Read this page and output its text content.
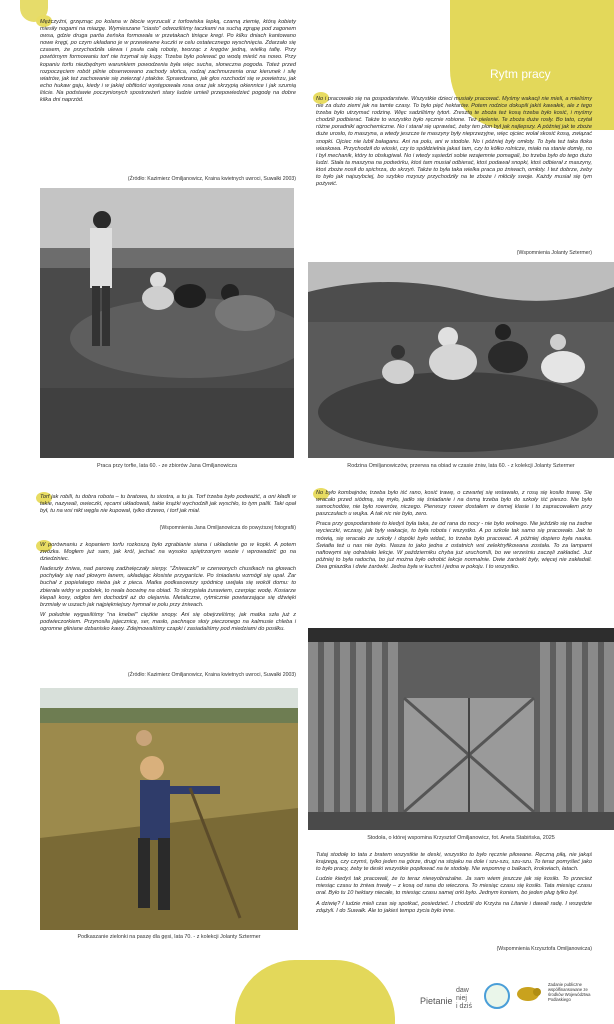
Rytm pracy
Mężczyźni, grzęznąc po kolana w błocie wyrzucali z torfowiska lepką, czarną ziemię, którą kobiety miesiły nogami na miazgę. Wymieszane "ciasto" odwoziliśmy taczkami na suchą zgrąpę pod zagonem owsa, gdzie druga partia żeńska formowała w przetakach tiniące kregi. Po kilku dniach kantowano nowe kręgi, po czym układano je w przewiewne kuczki w celu ostatecznego wyschnięcia. Zdarzało się czasem, że przychodziła ulewa i psuła całą robotę, tworząc z kręgów jedną, wielką tafię. Przy powtórnym formowaniu torf nie trzymał się kupy. Trzeba było polewać go wodą mieść na nowo. Przy kopaniu torfu niezbędnym warunkiem powodzenia była więc sucha, słoneczna pogoda. Toteż przed rozpoczęciem robót pilnie obserwowano zachody słońca, rodzaj zachmurzenia oraz kierunek i siłę wiatrów, jak też zachowanie się zwierząt i ptaków. Sprawdzano, jak głos rozchodzi się w powietrzu, jak echo hukaw gaju, kiedy i w jakiej obfitości występowała rosa oraz jak skrzypią okiennice i jak szumią liście. Na podstawie poczynionych spostrzeżeń stary ludzie umieli przepowiedzieć pogodę na dobre kilka dni naprzód.
(Źródło: Kazimierz Omiljanowicz, Kraina kwietnych uwroci, Suwałki 2003)
Praca przy torfie, lata 60. - ze zbiorów Jana Omiljanowicza
Torf jak robili, tu dobra robota – tu bratowa, tu siostra, a tu ja. Torf trzeba było podważić, a oni kładli w takie, nazywali, owieczki, ręcami układowali, takie krążki wychodziłi jak wyschło, to tym palili. Taki opał był, tu na wsi nikt węgla nie kupował, tylko drzewo, i torf jak miał.
(Wspomnienia Jana Omiljanowicza do powyższej fotografii)

W porównaniu z kopaniem torfu rozkoszą było zgrabianie siana i układanie go w kopki. A potem zwózka. Mogłem już sam, jak król, jechać na wysoko spiętrzonym wozie i wprowadzić go na dziedziniec.

Nadeszły żniwa, nad parową zadźwięczały sierpy. "Żniwaczki" w czerwonych chustkach na głowach pochyłały się nad płowym łanem, układając kłosiste przygarście. Po śniadaniu wzmógł się upał. Żar buchał z popielatego nieba jak z pieca. Matka podkasowszy spódnicę uwijała się wokół domu: to zbierała widry w podołek, to rwała bocwinę na obiad. To skrzypiała żurawiem, czerpiąc wodę. Kosiarze klepali kosy, odgłos ten dochodził aż do olejarnia. Metaliczne, rytmicznie powtarzające się dźwięki brzmiały w uszach jak najpiękniejszy hymnał w polu przy żniwach.

W południe wygasiliśmy "na knebel" ciężkie snopy. Ani się obejrzeliśmy, jak matka szła już z podwieczorkiem. Przynosiła jajecznicę, ser, masło, pachnące słoiy pieczonego na kalmusie chleba i ogromne gliniane dzbanisko kawy. Zdejmowaliśmy czapki i zasiadaliśmy pod miedziami do posiłku.

(Źródło: Kazimierz Omiljanowicz, Kraina kwietnych uwroci, Suwałki 2003)
Podkaszanie zielonki na paszę dla gęsi, lata 70. - z kolekcji Jolanty Sztermer
No i pracowało się na gospodarstwie. Wszystkie dzieci musiały pracować. Myśmy wakacji nie mieli, a mieliśmy nie za dużo ziemi jak na tamte czasy. To było pięć hektarów. Potem rodzice dokupili jakiś kawałek, ale z tego trzeba było utrzymać rodzinę. Więc sadziliśmy tytoń. Zresztą te zboża też kosą trzeba było kosić, i myśmy chodzili podbierać. Także to wszystko było ręcznie robione. Też pielenie. Te zboża duże rosły. Bo tato, czytał różne poradniki agrochemiczne. No i starał się uprawiać, żeby ten plon był jak najlepszy. A później jak te zboże duże urosło, to maszyna, a wtedy jeszcze te maszyny były nieprzezyjne, więc ojciec wolał skosić kosą, związać snopki. Ojciec nie lubił bałaganu. Ani na polu, ani w stodole. No i później były omłoty. To była też taka tłoka wiaskowa. Przychodził do wioski, czy to spółdzielnia jakaś tam, czy to kółko rolnicze, miało na stanie domłę, no i był mechanik, który to obsługiwał. No i wtedy sąsiedzi sobie wzajemnie pomagali, bo trzeba było do tego dużo ludzi. Stała ta maszyna na podwórku, ktoś tam musiał odbierać, ktoś podawał snopki, ktoś odbierał z maszyny, ktoś zboże nosił do spichrza, do skrzyń. Także to była taka wielka praca po żniwach, omłoty. I też dobrze, żeby to było jak najszybciej, bo szybko mzyszy przychodziły na te zboże i młóciły swoje. Każdy musiał się tym pożywić.
(Wspomnienia Jolanty Sztermer)
Rodzina Omiljanowiczów, przerwa na obiad w czasie żniw, lata 60. - z kolekcji Jolanty Sztermer

No było kombajnów, trzeba było iść rano, kosić trawę, o czwartej się wstawało, z rosą się kosiło trawę. Się wracało przed siódmą, się myło, jadło się śniadanie i na ósmą trzeba było do szkoły iść pieszo. Nie było samochodów, nie było rowerów, niczego. Pierwszy rower dostałem w ósmej klasie i to zapracowałem przy paszczułach u wujka. A tak nic nie było, zero.

Praca przy gospodarstwie to kiedyś była taka, że od rana do nocy - nie było wolnego. Nie jeździło się na żadne wycieczki, wczasy, jak były wakacje, to była robota i wszystko. A po szkole tak samo się pracowało. Jak to mówią, się wracało ze szkoły i dopóki było widać, to trzeba było pracować. A później dopiero była nauka. Światła też u nas nie było. Nasza to jako jedna z ostatnich wsi zelektryfikowana została. To za lampami naftowymi się odrabiało lekcje. W październiku chyba już uruchomili, bo we wrześniu zaczęli zakładać. Już później to była radocha, bo już można było odrobić lekcje normalnie. Dwie żarówki były, więcej nie zakładali. Dwa gniazdka i dwie żarówki. Jedna była w kuchni i jedna w pokoju. I to wszystko.

Stodoła, o której wspomina Krzysztof Omiljanowicz, fot. Aneta Stabińska, 2025

Tutaj stodołę to tata z bratem wszystkie te deski, wszystko to było ręcznie piłowane. Ręczną piłą, nie jakąś krajzegą, czy czymś, tylko jeden na górze, drugi na stojaku na dole i szu-szu, szu-szu. To teraz pomyśleć jako to było pracy, żeby te deski wszystkie popiłować na te stodołę. Nie wspomnę o balkach, krokwiach, łatach.

Ludzie kiedyś tak pracowali, że to teraz niewyobrażalne. Ja sam wiem jeszcze jak się kosiło. To przecież miesiąc czasu to żniwa trwały – z kosą od rana do wieczora. To miesiąc czasu się kosiło. Tata miesiąc czasu orał. Było tu 10 hektary niecałe, to miesiąc czasu samej orki było. Jednym koniem, bo jeden pług tylko był.

A dziwię? I ludzie mieli czas się spotkać, posiedzieć. I chodzili do Krzyża na Litanie i dawali radę. I wszędzie zdążyli. I do Suwałk. Ale to jakieś tempo życia było inne.

(Wspomnienia Krzysztofa Omiljanowicza)
Pietanie
daw
niej
i dziś
Zadanie publiczne współfinansowane ze środków Województwa Podlaskiego
